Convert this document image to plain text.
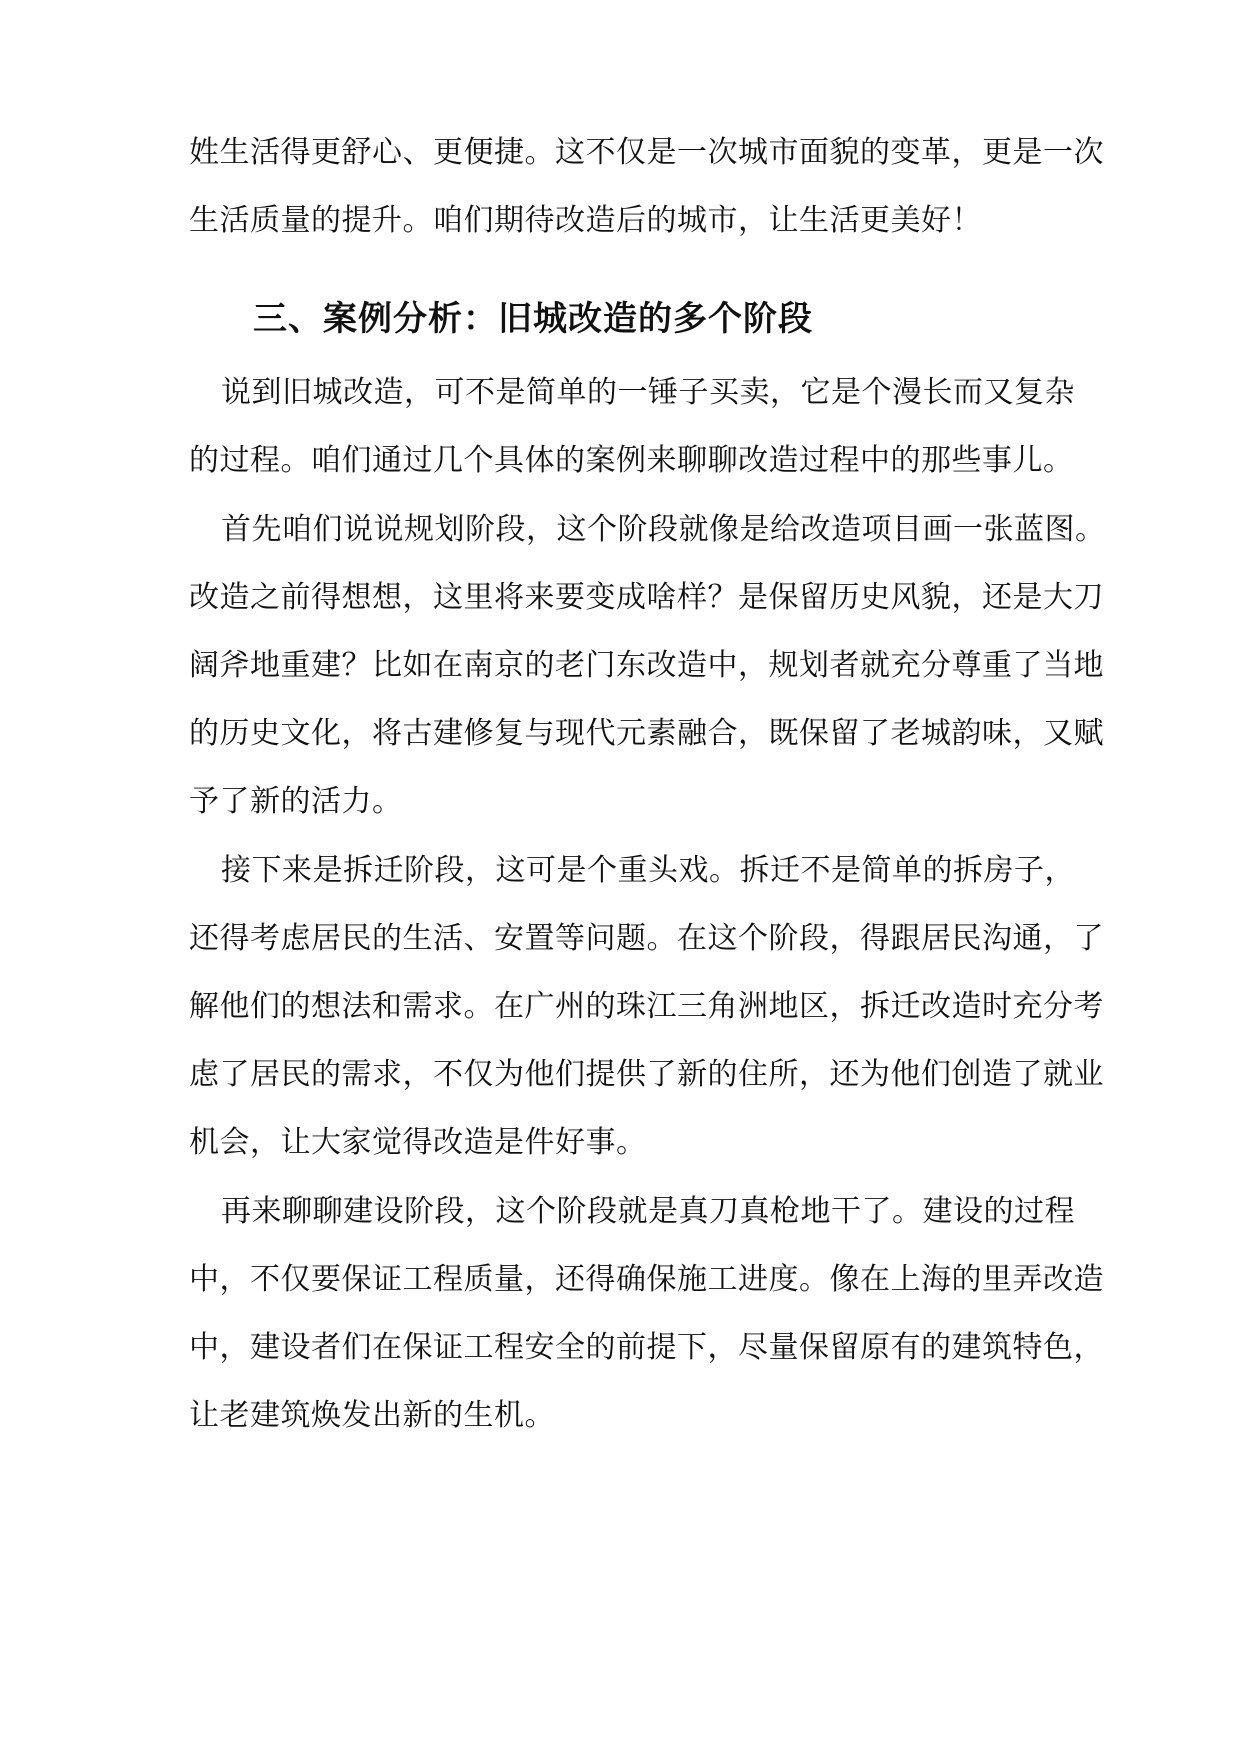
姓生活得更舒心、更便捷。这不仅是一次城市面貌的变革，更是一次
生活质量的提升。咱们期待改造后的城市，让生活更美好！
三、案例分析：旧城改造的多个阶段
说到旧城改造，可不是简单的一锤子买卖，它是个漫长而又复杂
的过程。咱们通过几个具体的案例来聊聊改造过程中的那些事儿。
首先咱们说说规划阶段，这个阶段就像是给改造项目画一张蓝图。
改造之前得想想，这里将来要变成啥样？是保留历史风貌，还是大刀
阔斧地重建？比如在南京的老门东改造中，规划者就充分尊重了当地
的历史文化，将古建修复与现代元素融合，既保留了老城韵味，又赋
予了新的活力。
接下来是拆迁阶段，这可是个重头戏。拆迁不是简单的拆房子，
还得考虑居民的生活、安置等问题。在这个阶段，得跟居民沟通，了
解他们的想法和需求。在广州的珠江三角洲地区，拆迁改造时充分考
虑了居民的需求，不仅为他们提供了新的住所，还为他们创造了就业
机会，让大家觉得改造是件好事。
再来聊聊建设阶段，这个阶段就是真刀真枪地干了。建设的过程
中，不仅要保证工程质量，还得确保施工进度。像在上海的里弄改造
中，建设者们在保证工程安全的前提下，尽量保留原有的建筑特色，
让老建筑焕发出新的生机。
